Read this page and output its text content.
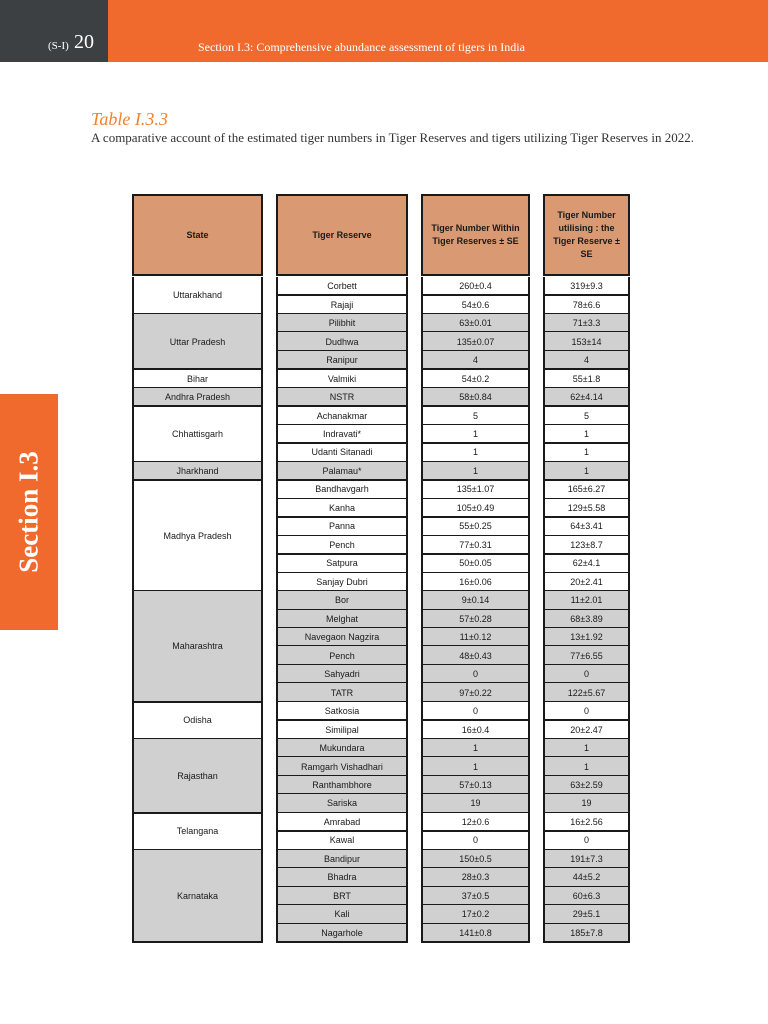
(S-I) 20	Section I.3: Comprehensive abundance assessment of tigers in India
Section I.3
Table I.3.3
A comparative account of the estimated tiger numbers in Tiger Reserves and tigers utilizing Tiger Reserves in 2022.
State	Tiger Reserve
Tiger Number Within Tiger Reserves ± SE
Tiger Number utilising : the Tiger Reserve ± SE
Uttarakhand
Corbett	260±0.4	319±9.3
Rajaji	54±0.6	78±6.6
Uttar Pradesh
Pilibhit	63±0.01	71±3.3
Dudhwa	135±0.07	153±14
Ranipur	4	4
Bihar	Valmiki	54±0.2	55±1.8
Andhra Pradesh	NSTR	58±0.84	62±4.14
Chhattisgarh
Achanakmar	5	5
Indravati*	1	1
Udanti Sitanadi	1	1
Jharkhand	Palamau*	1	1
Madhya Pradesh
Bandhavgarh	135±1.07	165±6.27
Kanha	105±0.49	129±5.58
Panna	55±0.25	64±3.41
Pench	77±0.31	123±8.7
Satpura	50±0.05	62±4.1
Sanjay Dubri	16±0.06	20±2.41
Maharashtra
Bor	9±0.14	11±2.01
Melghat	57±0.28	68±3.89
Navegaon Nagzira	11±0.12	13±1.92
Pench	48±0.43	77±6.55
Sahyadri	0	0
TATR	97±0.22	122±5.67
Odisha
Satkosia	0	0
Similipal	16±0.4	20±2.47
Rajasthan
Mukundara	1	1
Ramgarh Vishadhari	1	1
Ranthambhore	57±0.13	63±2.59
Sariska	19	19
Telangana
Amrabad	12±0.6	16±2.56
Kawal	0	0
Karnataka
Bandipur	150±0.5	191±7.3
Bhadra	28±0.3	44±5.2
BRT	37±0.5	60±6.3
Kali	17±0.2	29±5.1
Nagarhole	141±0.8	185±7.8
